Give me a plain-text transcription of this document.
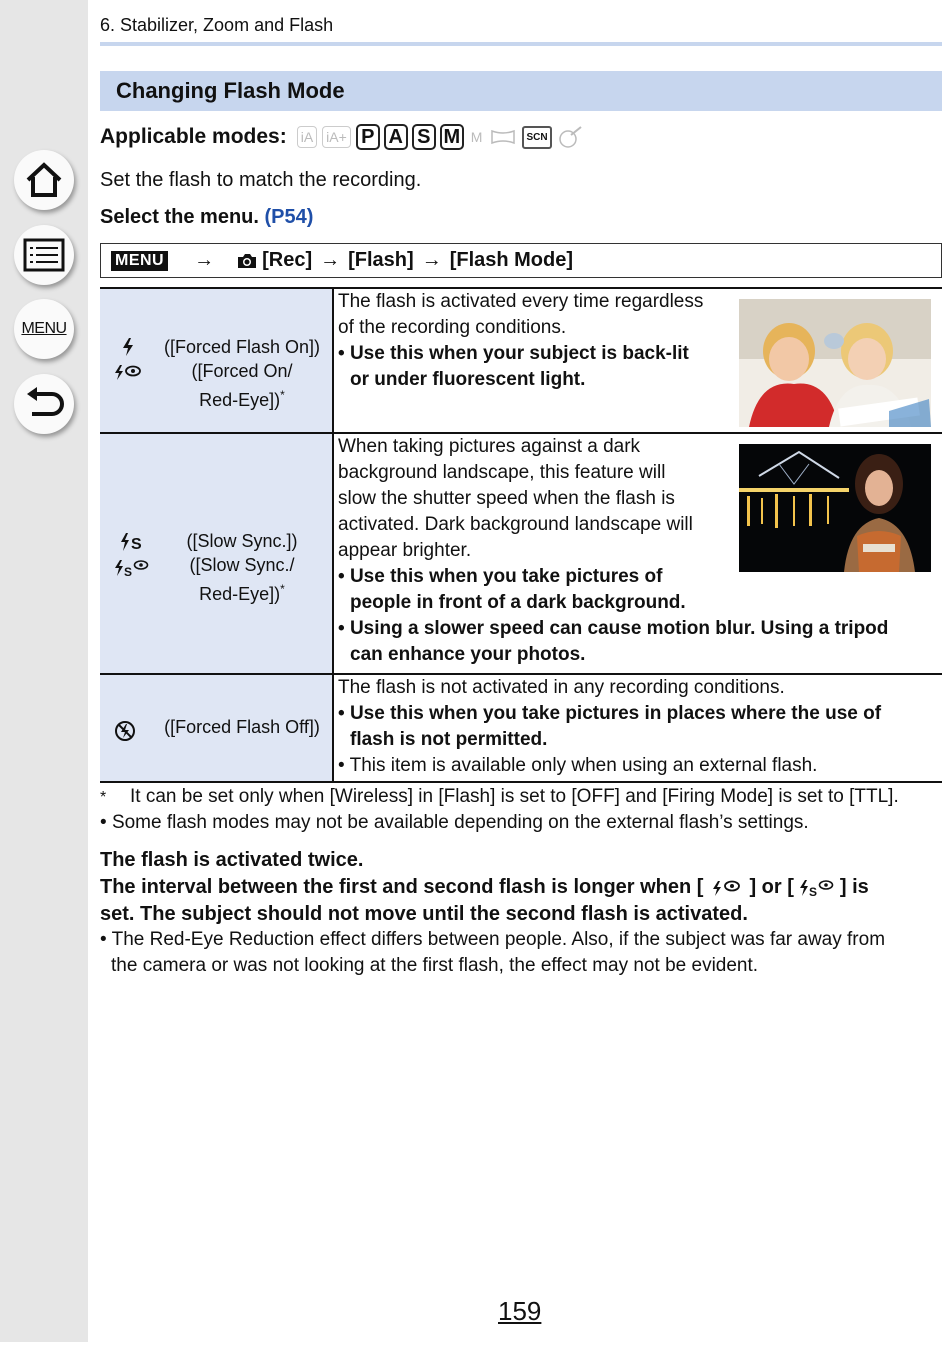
MENU
6. Stabilizer, Zoom and Flash
Changing Flash Mode
Applicable modes: iA iA+ P A S M M	SCN
Set the flash to match the recording.
Select the menu. (P54)
MENU → [Rec] → [Flash] → [Flash Mode]
([Forced Flash On])
([Forced On/
Red-Eye])*
The flash is activated every time regardless
of the recording conditions.
• Use this when your subject is back-lit
or under fluorescent light.
S
S
([Slow Sync.])
([Slow Sync./
Red-Eye])*
When taking pictures against a dark
background landscape, this feature will
slow the shutter speed when the flash is
activated. Dark background landscape will
appear brighter.
• Use this when you take pictures of
people in front of a dark background.
• Using a slower speed can cause motion blur. Using a tripod
can enhance your photos.
([Forced Flash Off])
The flash is not activated in any recording conditions.
• Use this when you take pictures in places where the use of
flash is not permitted.
• This item is available only when using an external flash.
* It can be set only when [Wireless] in [Flash] is set to [OFF] and [Firing Mode] is set to [TTL].
• Some flash modes may not be available depending on the external flash’s settings.
The flash is activated twice.
The interval between the first and second flash is longer when [ ] or [ S ] is
set. The subject should not move until the second flash is activated.
• The Red-Eye Reduction effect differs between people. Also, if the subject was far away from
the camera or was not looking at the first flash, the effect may not be evident.
159
